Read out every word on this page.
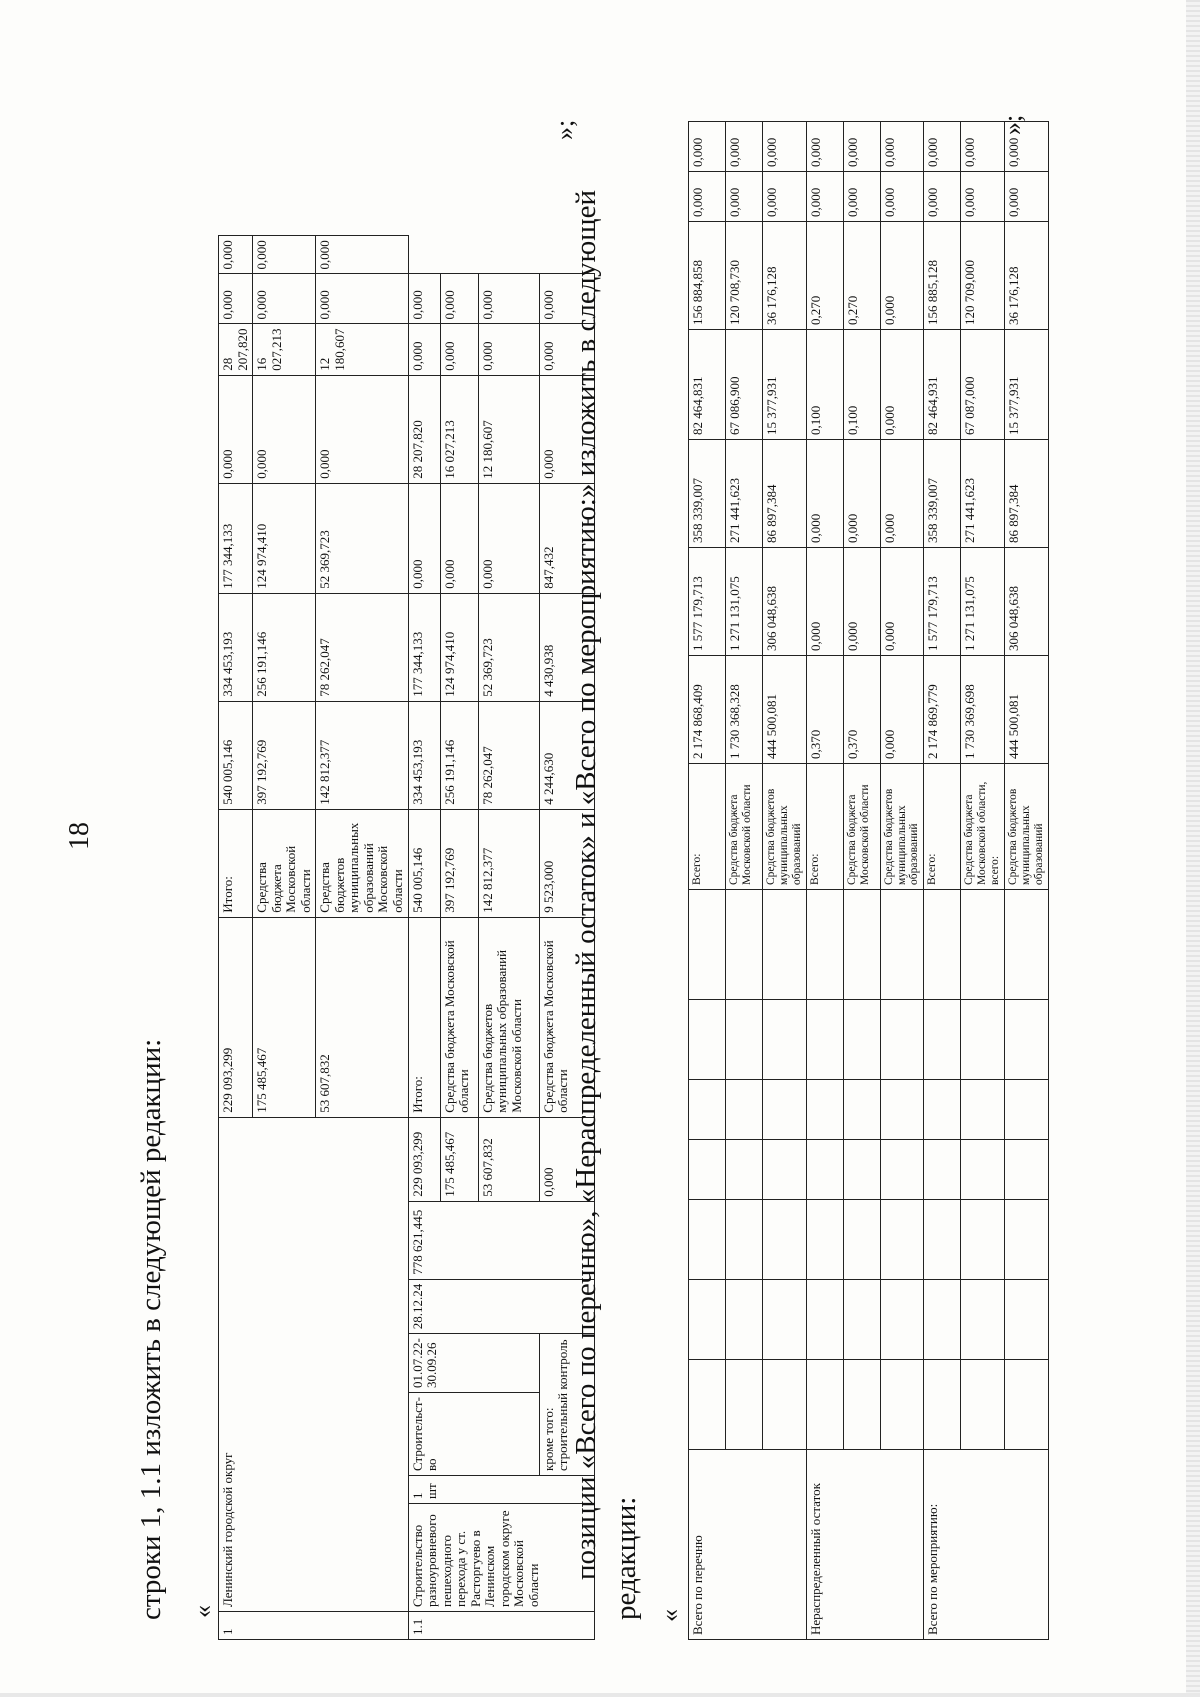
18
строки 1, 1.1 изложить в следующей редакции: «
1	Ленинский городской округ							229 093,299	Итого:	540 005,146	334 453,193	177 344,133	0,000	28 207,820	0,000	0,000
								175 485,467	Средства бюджета Московской области	397 192,769	256 191,146	124 974,410	0,000	16 027,213	0,000	0,000
								53 607,832	Средства бюджетов муниципальных образований Московской области	142 812,377	78 262,047	52 369,723	0,000	12 180,607	0,000	0,000
1.1	Строительство разноуровневого пешеходного перехода у ст. Расторгуево в Ленинском городском округе Московской области	1 шт	Строительст-во	01.07.22-30.09.26	28.12.24	778 621,445	229 093,299	Итого:	540 005,146	334 453,193	177 344,133	0,000	28 207,820	0,000	0,000	
							175 485,467	Средства бюджета Московской области	397 192,769	256 191,146	124 974,410	0,000	16 027,213	0,000	0,000	
							53 607,832	Средства бюджетов муниципальных образований Московской области	142 812,377	78 262,047	52 369,723	0,000	12 180,607	0,000	0,000	
			кроме того: строительный контроль				0,000	Средства бюджета Московской области	9 523,000	4 244,630	4 430,938	847,432	0,000	0,000	0,000	
»;
позиции «Всего по перечню», «Нераспределенный остаток» и «Всего по мероприятию:» изложить в следующей редакции: « Всего по перечню								Всего:	2 174 868,409	1 577 179,713	358 339,007	82 464,831	156 884,858	0,000	0,000
								Средства бюджета Московской области	1 730 368,328	1 271 131,075	271 441,623	67 086,900	120 708,730	0,000	0,000
								Средства бюджетов муниципальных образований	444 500,081	306 048,638	86 897,384	15 377,931	36 176,128	0,000	0,000
Нераспределенный остаток								Всего:	0,370	0,000	0,000	0,100	0,270	0,000	0,000
								Средства бюджета Московской области	0,370	0,000	0,000	0,100	0,270	0,000	0,000
								Средства бюджетов муниципальных образований	0,000	0,000	0,000	0,000	0,000	0,000	0,000
Всего по мероприятию:								Всего:	2 174 869,779	1 577 179,713	358 339,007	82 464,931	156 885,128	0,000	0,000
								Средства бюджета Московской области, всего:	1 730 369,698	1 271 131,075	271 441,623	67 087,000	120 709,000	0,000	0,000
								Средства бюджетов муниципальных образований	444 500,081	306 048,638	86 897,384	15 377,931	36 176,128	0,000	0,000
»;
